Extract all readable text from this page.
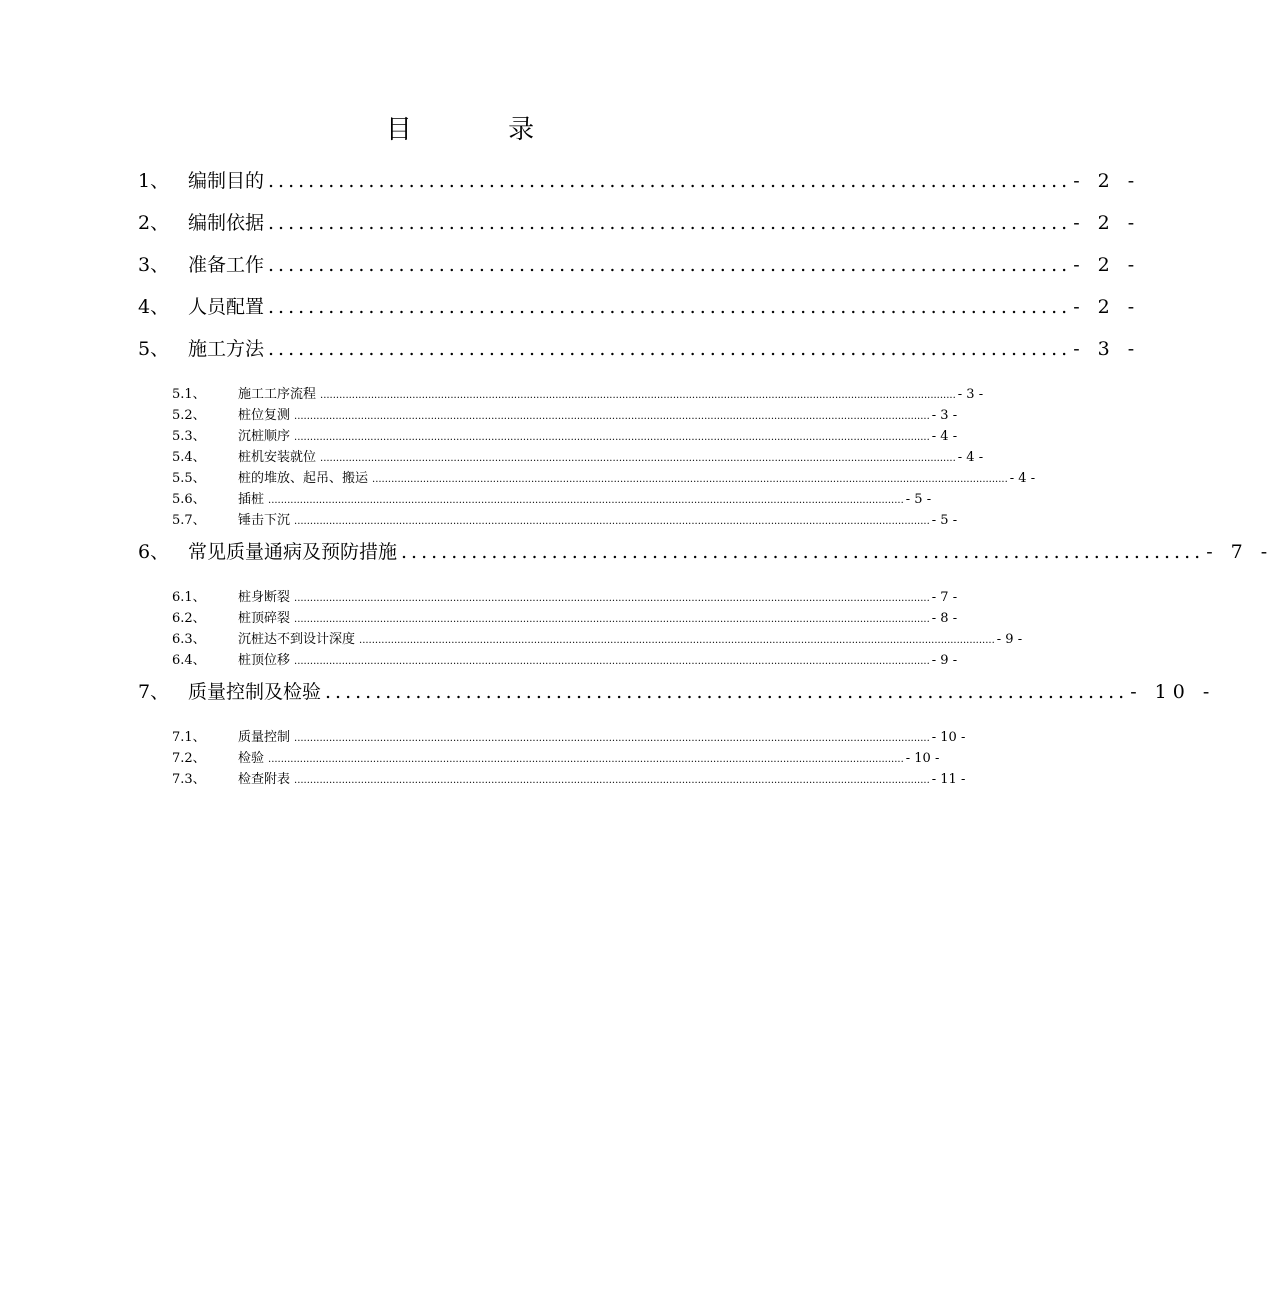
目 录
1、 编制目的 ................................................................................ - 2 -
2、 编制依据 ................................................................................ - 2 -
3、 准备工作 ................................................................................ - 2 -
4、 人员配置 ................................................................................ - 2 -
5、 施工方法 ................................................................................ - 3 -
5.1、	施工工序流程 ........................................................................................................................................................................................................ - 3 -
5.2、	桩位复测 ........................................................................................................................................................................................................ - 3 -
5.3、	沉桩顺序 ........................................................................................................................................................................................................ - 4 -
5.4、	桩机安装就位 ........................................................................................................................................................................................................ - 4 -
5.5、	桩的堆放、起吊、搬运 ........................................................................................................................................................................................................ - 4 -
5.6、	插桩 ........................................................................................................................................................................................................ - 5 -
5.7、	锤击下沉 ........................................................................................................................................................................................................ - 5 -
6、 常见质量通病及预防措施 ................................................................................ - 7 -
6.1、	桩身断裂 ........................................................................................................................................................................................................ - 7 -
6.2、	桩顶碎裂 ........................................................................................................................................................................................................ - 8 -
6.3、	沉桩达不到设计深度 ........................................................................................................................................................................................................ - 9 -
6.4、	桩顶位移 ........................................................................................................................................................................................................ - 9 -
7、 质量控制及检验 ................................................................................ - 10 -
7.1、	质量控制 ........................................................................................................................................................................................................ - 10 -
7.2、	检验 ........................................................................................................................................................................................................ - 10 -
7.3、	检查附表 ........................................................................................................................................................................................................ - 11 -
